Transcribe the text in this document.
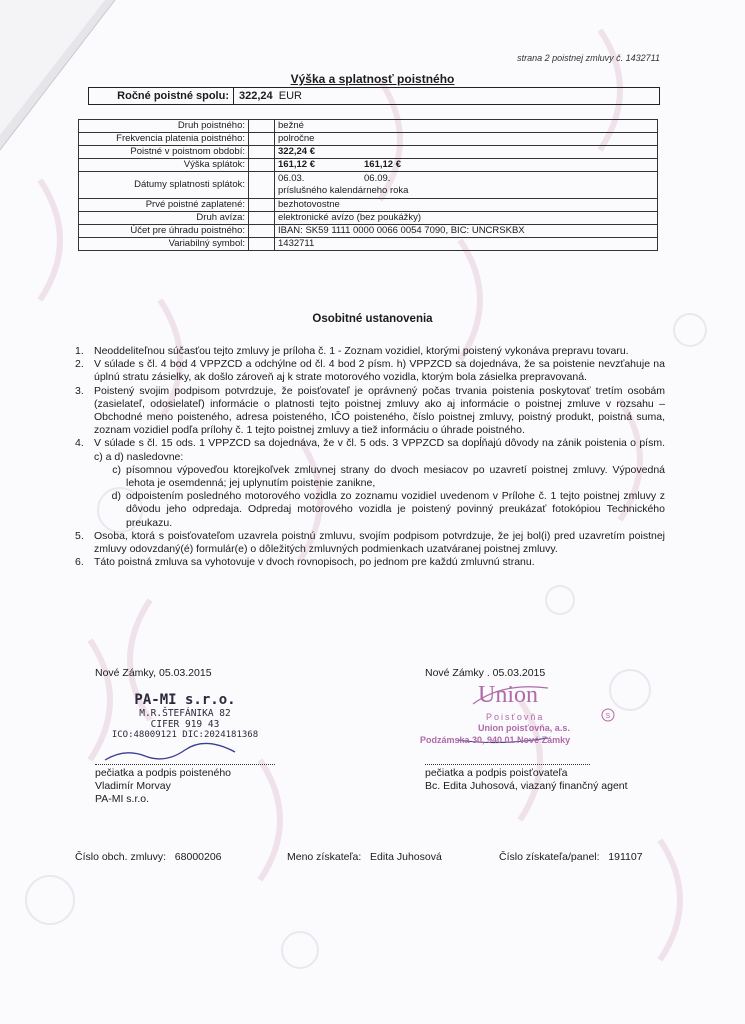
strana 2 poistnej zmluvy č. 1432711
Výška a splatnosť poistného
Ročné poistné spolu: 322,24 EUR
Druh poistného:		bežné
Frekvencia platenia poistného:		polročne
Poistné v poistnom období:		322,24 €
Výška splátok:		161,12 € 161,12 €
Dátumy splatnosti splátok:		06.03. 06.09.
príslušného kalendárneho roka
Prvé poistné zaplatené:		bezhotovostne
Druh avíza:		elektronické avízo (bez poukážky)
Účet pre úhradu poistného:		IBAN: SK59 1111 0000 0066 0054 7090, BIC: UNCRSKBX
Variabilný symbol:		1432711
Osobitné ustanovenia
1. Neoddeliteľnou súčasťou tejto zmluvy je príloha č. 1 - Zoznam vozidiel, ktorými poistený vykonáva prepravu tovaru.
2. V súlade s čl. 4 bod 4 VPPZCD a odchýlne od čl. 4 bod 2 písm. h) VPPZCD sa dojednáva, že sa poistenie nevzťahuje na úplnú stratu zásielky, ak došlo zároveň aj k strate motorového vozidla, ktorým bola zásielka prepravovaná.
3. Poistený svojim podpisom potvrdzuje, že poisťovateľ je oprávnený počas trvania poistenia poskytovať tretím osobám (zasielateľ, odosielateľ) informácie o platnosti tejto poistnej zmluvy ako aj informácie o poistnej zmluve v rozsahu – Obchodné meno poisteného, adresa poisteného, IČO poisteného, číslo poistnej zmluvy, poistný produkt, poistná suma, zoznam vozidiel podľa prílohy č. 1 tejto poistnej zmluvy a tiež informáciu o úhrade poistného.
4. V súlade s čl. 15 ods. 1 VPPZCD sa dojednáva, že v čl. 5 ods. 3 VPPZCD sa dopĺňajú dôvody na zánik poistenia o písm. c) a d) nasledovne:
c) písomnou výpoveďou ktorejkoľvek zmluvnej strany do dvoch mesiacov po uzavretí poistnej zmluvy. Výpovedná lehota je osemdenná; jej uplynutím poistenie zanikne,
d) odpoistením posledného motorového vozidla zo zoznamu vozidiel uvedenom v Prílohe č. 1 tejto poistnej zmluvy z dôvodu jeho odpredaja. Odpredaj motorového vozidla je poistený povinný preukázať fotokópiou Technického preukazu.
5. Osoba, ktorá s poisťovateľom uzavrela poistnú zmluvu, svojím podpisom potvrdzuje, že jej bol(i) pred uzavretím poistnej zmluvy odovzdaný(é) formulár(e) o dôležitých zmluvných podmienkach uzatváranej poistnej zmluvy.
6. Táto poistná zmluva sa vyhotovuje v dvoch rovnopisoch, po jednom pre každú zmluvnú stranu.
Nové Zámky, 05.03.2015
PA-MI s.r.o.
M.R.ŠTEFÁNIKA 82
CIFER 919 43
ICO:48009121 DIC:2024181368
pečiatka a podpis poisteného
Vladimír Morvay
PA-MI s.r.o.
Nové Zámky . 05.03.2015
S
Union
Poisťovňa
Union poisťovňa, a.s.
Podzámska 30, 940 01 Nové Zámky
pečiatka a podpis poisťovateľa
Bc. Edita Juhosová, viazaný finančný agent
Číslo obch. zmluvy: 68000206	Meno získateľa: Edita Juhosová	Číslo získateľa/panel: 191107
